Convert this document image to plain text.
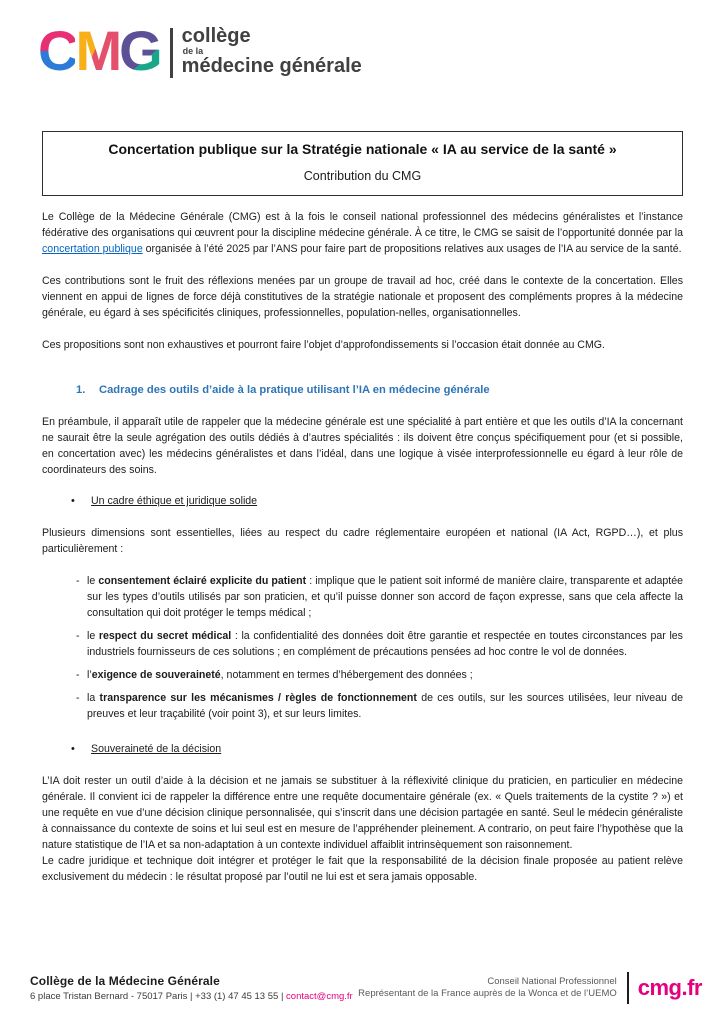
C M G collège
de la
médecine générale
Concertation publique sur la Stratégie nationale « IA au service de la santé »
Contribution du CMG

Le Collège de la Médecine Générale (CMG) est à la fois le conseil national professionnel des médecins généralistes et l’instance fédérative des organisations qui œuvrent pour la discipline médecine générale. À ce titre, le CMG se saisit de l’opportunité donnée par la concertation publique organisée à l’été 2025 par l’ANS pour faire part de propositions relatives aux usages de l’IA au service de la santé.

Ces contributions sont le fruit des réflexions menées par un groupe de travail ad hoc, créé dans le contexte de la concertation. Elles viennent en appui de lignes de force déjà constitutives de la stratégie nationale et proposent des compléments propres à la médecine générale, eu égard à ses spécificités cliniques, professionnelles, population-nelles, organisationnelles.

Ces propositions sont non exhaustives et pourront faire l’objet d’approfondissements si l’occasion était donnée au CMG.

1.	Cadrage des outils d’aide à la pratique utilisant l’IA en médecine générale

En préambule, il apparaît utile de rappeler que la médecine générale est une spécialité à part entière et que les outils d’IA la concernant ne saurait être la seule agrégation des outils dédiés à d’autres spécialités : ils doivent être conçus spécifiquement pour (et si possible, en concertation avec) les médecins généralistes et dans l’idéal, dans une logique à visée interprofessionnelle eu égard à leur rôle de coordinateurs des soins.

•	Un cadre éthique et juridique solide

Plusieurs dimensions sont essentielles, liées au respect du cadre réglementaire européen et national (IA Act, RGPD…), et plus particulièrement :

- le consentement éclairé explicite du patient : implique que le patient soit informé de manière claire, transparente et adaptée sur les types d’outils utilisés par son praticien, et qu’il puisse donner son accord de façon expresse, sans que cela affecte la consultation qui doit protéger le temps médical ;
- le respect du secret médical : la confidentialité des données doit être garantie et respectée en toutes circonstances par les industriels fournisseurs de ces solutions ; en complément de précautions pensées ad hoc contre le vol de données.
- l’exigence de souveraineté, notamment en termes d’hébergement des données ;
- la transparence sur les mécanismes / règles de fonctionnement de ces outils, sur les sources utilisées, leur niveau de preuves et leur traçabilité (voir point 3), et sur leurs limites.
•	Souveraineté de la décision

L’IA doit rester un outil d’aide à la décision et ne jamais se substituer à la réflexivité clinique du praticien, en particulier en médecine générale. Il convient ici de rappeler la différence entre une requête documentaire générale (ex. « Quels traitements de la cystite ? ») et une requête en vue d’une décision clinique personnalisée, qui s’inscrit dans une décision partagée en santé. Seul le médecin généraliste à connaissance du contexte de soins et lui seul est en mesure de l’appréhender pleinement. A contrario, on peut faire l’hypothèse que la nature statistique de l’IA et sa non-adaptation à un contexte individuel affaiblit intrinsèquement son raisonnement.

Le cadre juridique et technique doit intégrer et protéger le fait que la responsabilité de la décision finale proposée au patient relève exclusivement du médecin : le résultat proposé par l’outil ne lui est et sera jamais opposable.

Collège de la Médecine Générale
6 place Tristan Bernard - 75017 Paris | +33 (1) 47 45 13 55 | contact@cmg.fr
Conseil National Professionnel
Représentant de la France auprès de la Wonca et de l’UEMO cmg.fr
